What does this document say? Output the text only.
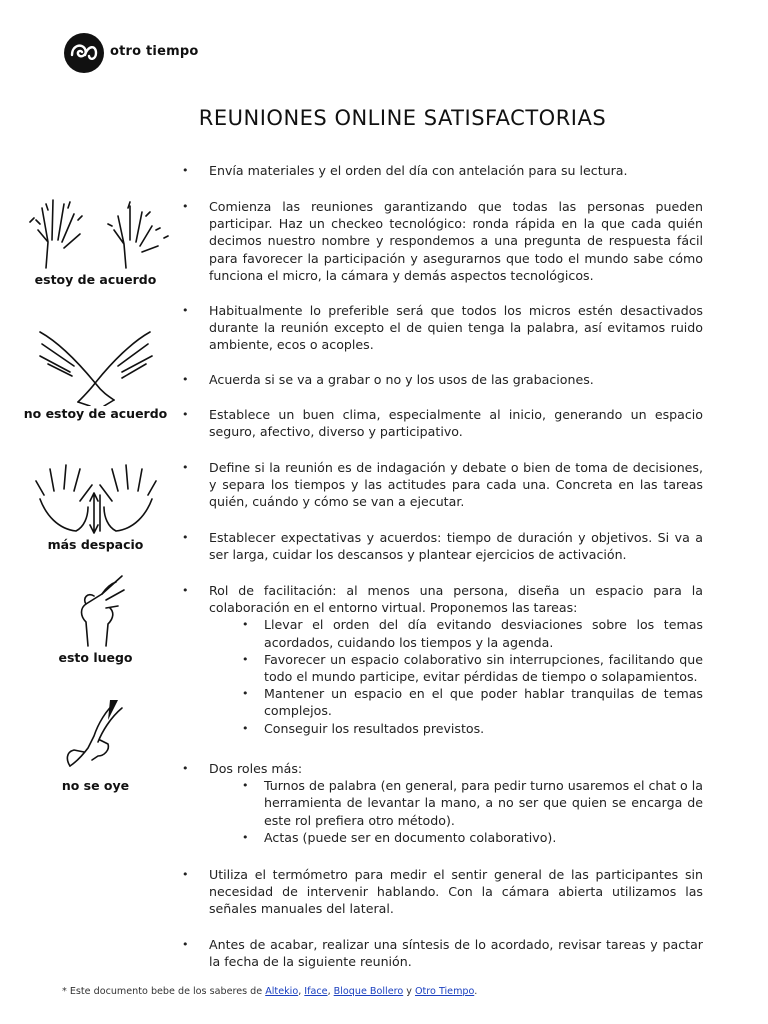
otro tiempo
REUNIONES ONLINE SATISFACTORIAS
estoy de acuerdo
no estoy de acuerdo
más despacio
esto luego
no se oye
• Envía materiales y el orden del día con antelación para su lectura.
• Comienza las reuniones garantizando que todas las personas pueden participar. Haz un checkeo tecnológico: ronda rápida en la que cada quién decimos nuestro nombre y respondemos a una pregunta de respuesta fácil para favorecer la participación y asegurarnos que todo el mundo sabe cómo funciona el micro, la cámara y demás aspectos tecnológicos.
• Habitualmente lo preferible será que todos los micros estén desactivados durante la reunión excepto el de quien tenga la palabra, así evitamos ruido ambiente, ecos o acoples.
• Acuerda si se va a grabar o no y los usos de las grabaciones.
• Establece un buen clima, especialmente al inicio, generando un espacio seguro, afectivo, diverso y participativo.
• Define si la reunión es de indagación y debate o bien de toma de decisiones, y separa los tiempos y las actitudes para cada una. Concreta en las tareas quién, cuándo y cómo se van a ejecutar.
• Establecer expectativas y acuerdos: tiempo de duración y objetivos. Si va a ser larga, cuidar los descansos y plantear ejercicios de activación.
• Rol de facilitación: al menos una persona, diseña un espacio para la colaboración en el entorno virtual. Proponemos las tareas:
• Llevar el orden del día evitando desviaciones sobre los temas acordados, cuidando los tiempos y la agenda.
• Favorecer un espacio colaborativo sin interrupciones, facilitando que todo el mundo participe, evitar pérdidas de tiempo o solapamientos.
• Mantener un espacio en el que poder hablar tranquilas de temas complejos.
• Conseguir los resultados previstos.
• Dos roles más:
• Turnos de palabra (en general, para pedir turno usaremos el chat o la herramienta de levantar la mano, a no ser que quien se encarga de este rol prefiera otro método).
• Actas (puede ser en documento colaborativo).
• Utiliza el termómetro para medir el sentir general de las participantes sin necesidad de intervenir hablando. Con la cámara abierta utilizamos las señales manuales del lateral.
• Antes de acabar, realizar una síntesis de lo acordado, revisar tareas y pactar la fecha de la siguiente reunión.
* Este documento bebe de los saberes de Altekio, Iface, Bloque Bollero y Otro Tiempo.
